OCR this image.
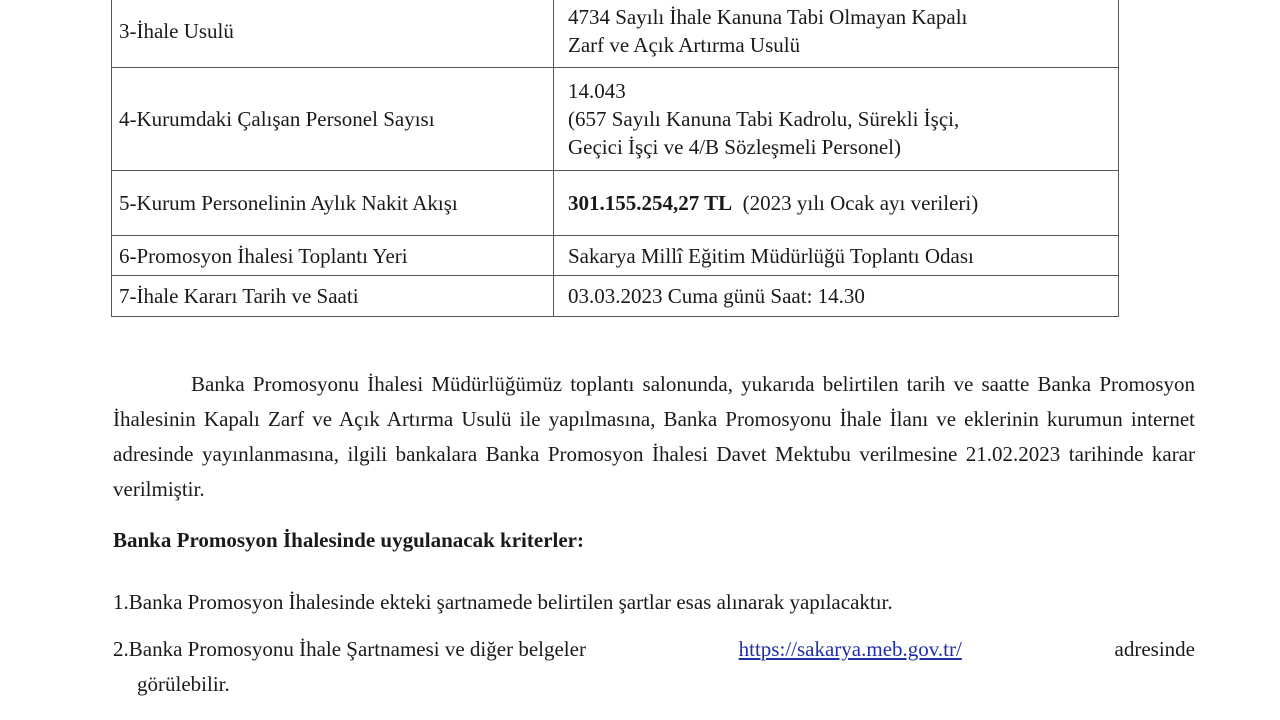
3-İhale Usulü	4734 Sayılı İhale Kanuna Tabi Olmayan Kapalı
Zarf ve Açık Artırma Usulü

4-Kurumdaki Çalışan Personel Sayısı	14.043
(657 Sayılı Kanuna Tabi Kadrolu, Sürekli İşçi,
Geçici İşçi ve 4/B Sözleşmeli Personel)

5-Kurum Personelinin Aylık Nakit Akışı	301.155.254,27 TL (2023 yılı Ocak ayı verileri)
6-Promosyon İhalesi Toplantı Yeri	Sakarya Millî Eğitim Müdürlüğü Toplantı Odası
7-İhale Kararı Tarih ve Saati	03.03.2023 Cuma günü Saat: 14.30

Banka Promosyonu İhalesi Müdürlüğümüz toplantı salonunda, yukarıda belirtilen tarih ve saatte Banka Promosyon İhalesinin Kapalı Zarf ve Açık Artırma Usulü ile yapılmasına, Banka Promosyonu İhale İlanı ve eklerinin kurumun internet adresinde yayınlanmasına, ilgili bankalara Banka Promosyon İhalesi Davet Mektubu verilmesine 21.02.2023 tarihinde karar verilmiştir.

Banka Promosyon İhalesinde uygulanacak kriterler:

1.Banka Promosyon İhalesinde ekteki şartnamede belirtilen şartlar esas alınarak yapılacaktır.

2.Banka Promosyonu İhale Şartnamesi ve diğer belgeler	https://sakarya.meb.gov.tr/	adresinde
görülebilir.
